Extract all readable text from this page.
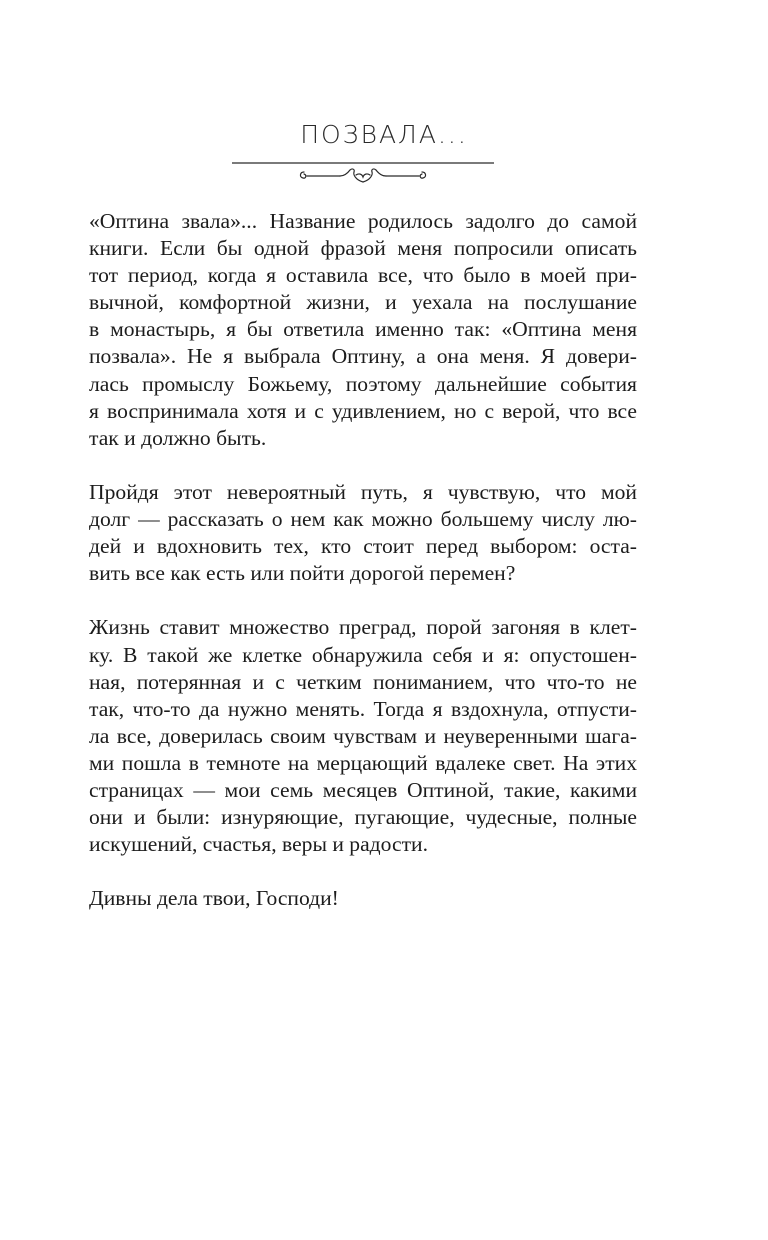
ПОЗВАЛА...
«Оптина звала»... Название родилось задолго до самой
книги. Если бы одной фразой меня попросили описать
тот период, когда я оставила все, что было в моей при-
вычной, комфортной жизни, и уехала на послушание
в монастырь, я бы ответила именно так: «Оптина меня
позвала». Не я выбрала Оптину, а она меня. Я довери-
лась промыслу Божьему, поэтому дальнейшие события
я воспринимала хотя и с удивлением, но с верой, что все
так и должно быть.
Пройдя этот невероятный путь, я чувствую, что мой
долг — рассказать о нем как можно большему числу лю-
дей и вдохновить тех, кто стоит перед выбором: оста-
вить все как есть или пойти дорогой перемен?
Жизнь ставит множество преград, порой загоняя в клет-
ку. В такой же клетке обнаружила себя и я: опустошен-
ная, потерянная и с четким пониманием, что что-то не
так, что-то да нужно менять. Тогда я вздохнула, отпусти-
ла все, доверилась своим чувствам и неуверенными шага-
ми пошла в темноте на мерцающий вдалеке свет. На этих
страницах — мои семь месяцев Оптиной, такие, какими
они и были: изнуряющие, пугающие, чудесные, полные
искушений, счастья, веры и радости.
Дивны дела твои, Господи!
